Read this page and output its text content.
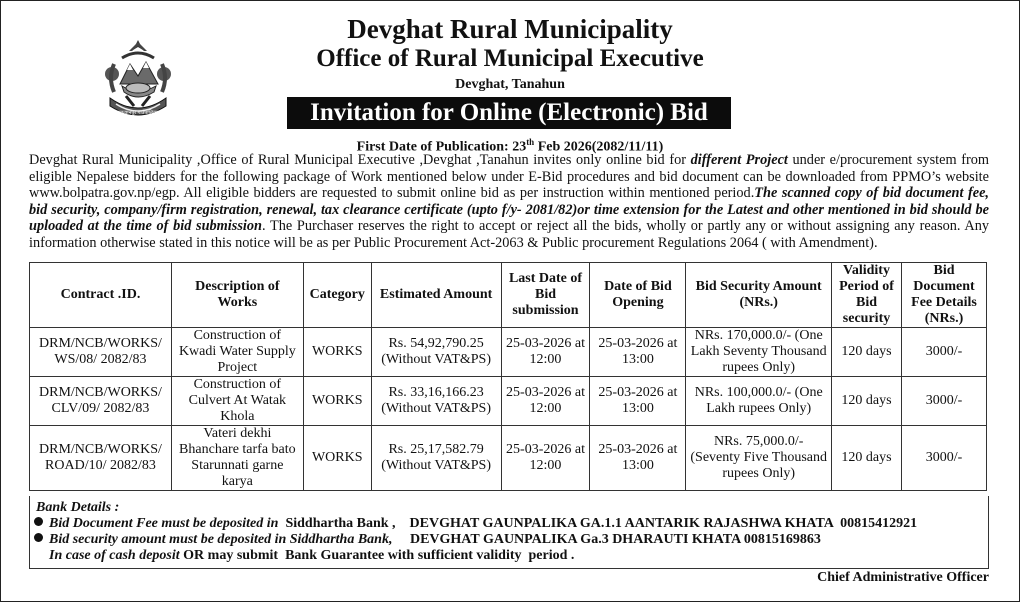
मकवानपुर गाउँपालिका
Devghat Rural Municipality
Office of Rural Municipal Executive
Devghat, Tanahun
Invitation for Online (Electronic) Bid
First Date of Publication: 23th Feb 2026(2082/11/11)
Devghat Rural Municipality ,Office of Rural Municipal Executive ,Devghat ,Tanahun invites only online bid for different Project under e/procurement system from eligible Nepalese bidders for the following package of Work mentioned below under E-Bid procedures and bid document can be downloaded from PPMO’s website www.bolpatra.gov.np/egp. All eligible bidders are requested to submit online bid as per instruction within mentioned period.The scanned copy of bid document fee, bid security, company/firm registration, renewal, tax clearance certificate (upto f/y- 2081/82)or time extension for the Latest and other mentioned in bid should be uploaded at the time of bid submission. The Purchaser reserves the right to accept or reject all the bids, wholly or partly any or without assigning any reason. Any information otherwise stated in this notice will be as per Public Procurement Act-2063 & Public procurement Regulations 2064 ( with Amendment).
Contract .ID.	Description of Works	Category	Estimated Amount	Last Date of Bid submission	Date of Bid Opening	Bid Security Amount (NRs.)	Validity Period of Bid security	Bid Document Fee Details (NRs.)
DRM/NCB/WORKS/ WS/08/ 2082/83	Construction of Kwadi Water Supply Project	WORKS	Rs. 54,92,790.25 (Without VAT&PS)	25-03-2026 at 12:00	25-03-2026 at 13:00	NRs. 170,000.0/- (One Lakh Seventy Thousand rupees Only)	120 days	3000/-
DRM/NCB/WORKS/ CLV/09/ 2082/83	Construction of Culvert At Watak Khola	WORKS	Rs. 33,16,166.23 (Without VAT&PS)	25-03-2026 at 12:00	25-03-2026 at 13:00	NRs. 100,000.0/- (One Lakh rupees Only)	120 days	3000/-
DRM/NCB/WORKS/ ROAD/10/ 2082/83	Vateri dekhi Bhanchare tarfa bato Starunnati garne karya	WORKS	Rs. 25,17,582.79 (Without VAT&PS)	25-03-2026 at 12:00	25-03-2026 at 13:00	NRs. 75,000.0/- (Seventy Five Thousand rupees Only)	120 days	3000/-
Bank Details :
Bid Document Fee must be deposited in  Siddhartha Bank ,    DEVGHAT GAUNPALIKA GA.1.1 AANTARIK RAJASHWA KHATA  00815412921
Bid security amount must be deposited in Siddhartha Bank,     DEVGHAT GAUNPALIKA Ga.3 DHARAUTI KHATA 00815169863
In case of cash deposit OR may submit  Bank Guarantee with sufficient validity  period .
Chief Administrative Officer
